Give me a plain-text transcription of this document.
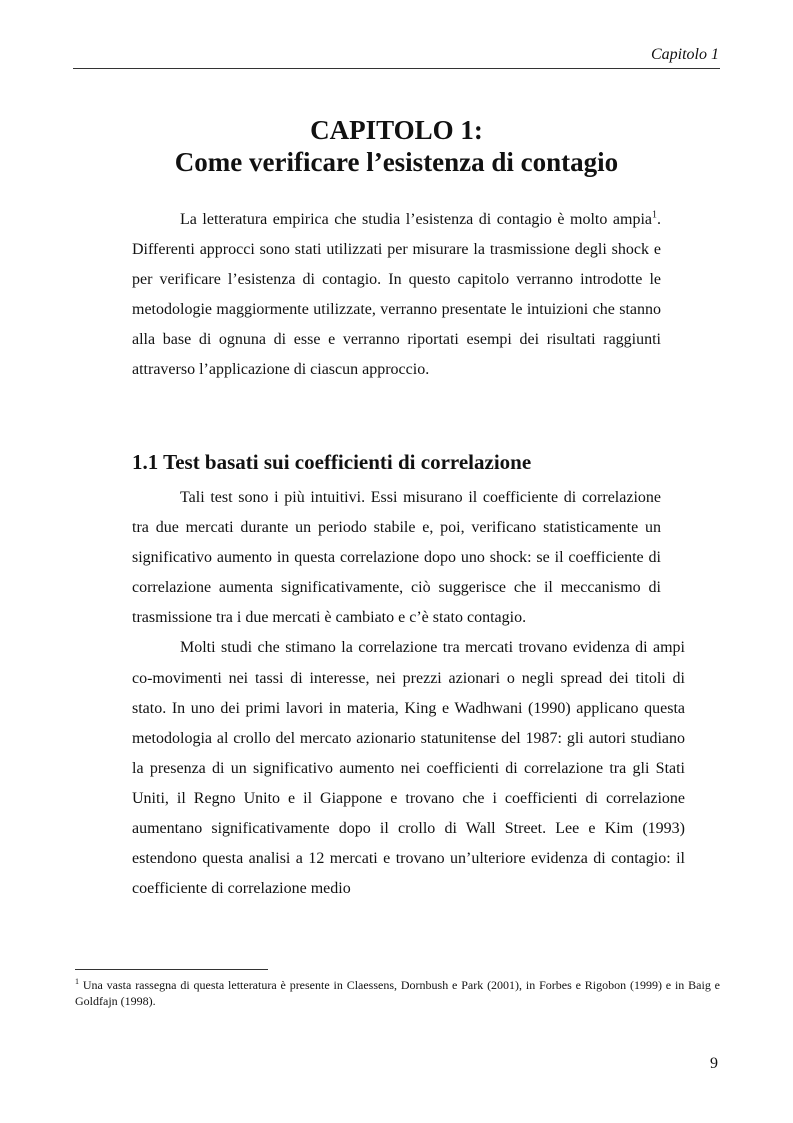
Capitolo 1
CAPITOLO 1:
Come verificare l’esistenza di contagio

La letteratura empirica che studia l’esistenza di contagio è molto ampia$^1$. Differenti approcci sono stati utilizzati per misurare la trasmissione degli shock e per verificare l’esistenza di contagio. In questo capitolo verranno introdotte le metodologie maggiormente utilizzate, verranno presentate le intuizioni che stanno alla base di ognuna di esse e verranno riportati esempi dei risultati raggiunti attraverso l’applicazione di ciascun approccio.

1.1 Test basati sui coefficienti di correlazione

Tali test sono i più intuitivi. Essi misurano il coefficiente di correlazione tra due mercati durante un periodo stabile e, poi, verificano statisticamente un significativo aumento in questa correlazione dopo uno shock: se il coefficiente di correlazione aumenta significativamente, ciò suggerisce che il meccanismo di trasmissione tra i due mercati è cambiato e c’è stato contagio.

Molti studi che stimano la correlazione tra mercati trovano evidenza di ampi co-movimenti nei tassi di interesse, nei prezzi azionari o negli spread dei titoli di stato. In uno dei primi lavori in materia, King e Wadhwani (1990) applicano questa metodologia al crollo del mercato azionario statunitense del 1987: gli autori studiano la presenza di un significativo aumento nei coefficienti di correlazione tra gli Stati Uniti, il Regno Unito e il Giappone e trovano che i coefficienti di correlazione aumentano significativamente dopo il crollo di Wall Street. Lee e Kim (1993) estendono questa analisi a 12 mercati e trovano un’ulteriore evidenza di contagio: il coefficiente di correlazione medio

$^1$ Una vasta rassegna di questa letteratura è presente in Claessens, Dornbush e Park (2001), in Forbes e Rigobon (1999) e in Baig e Goldfajn (1998).
9
